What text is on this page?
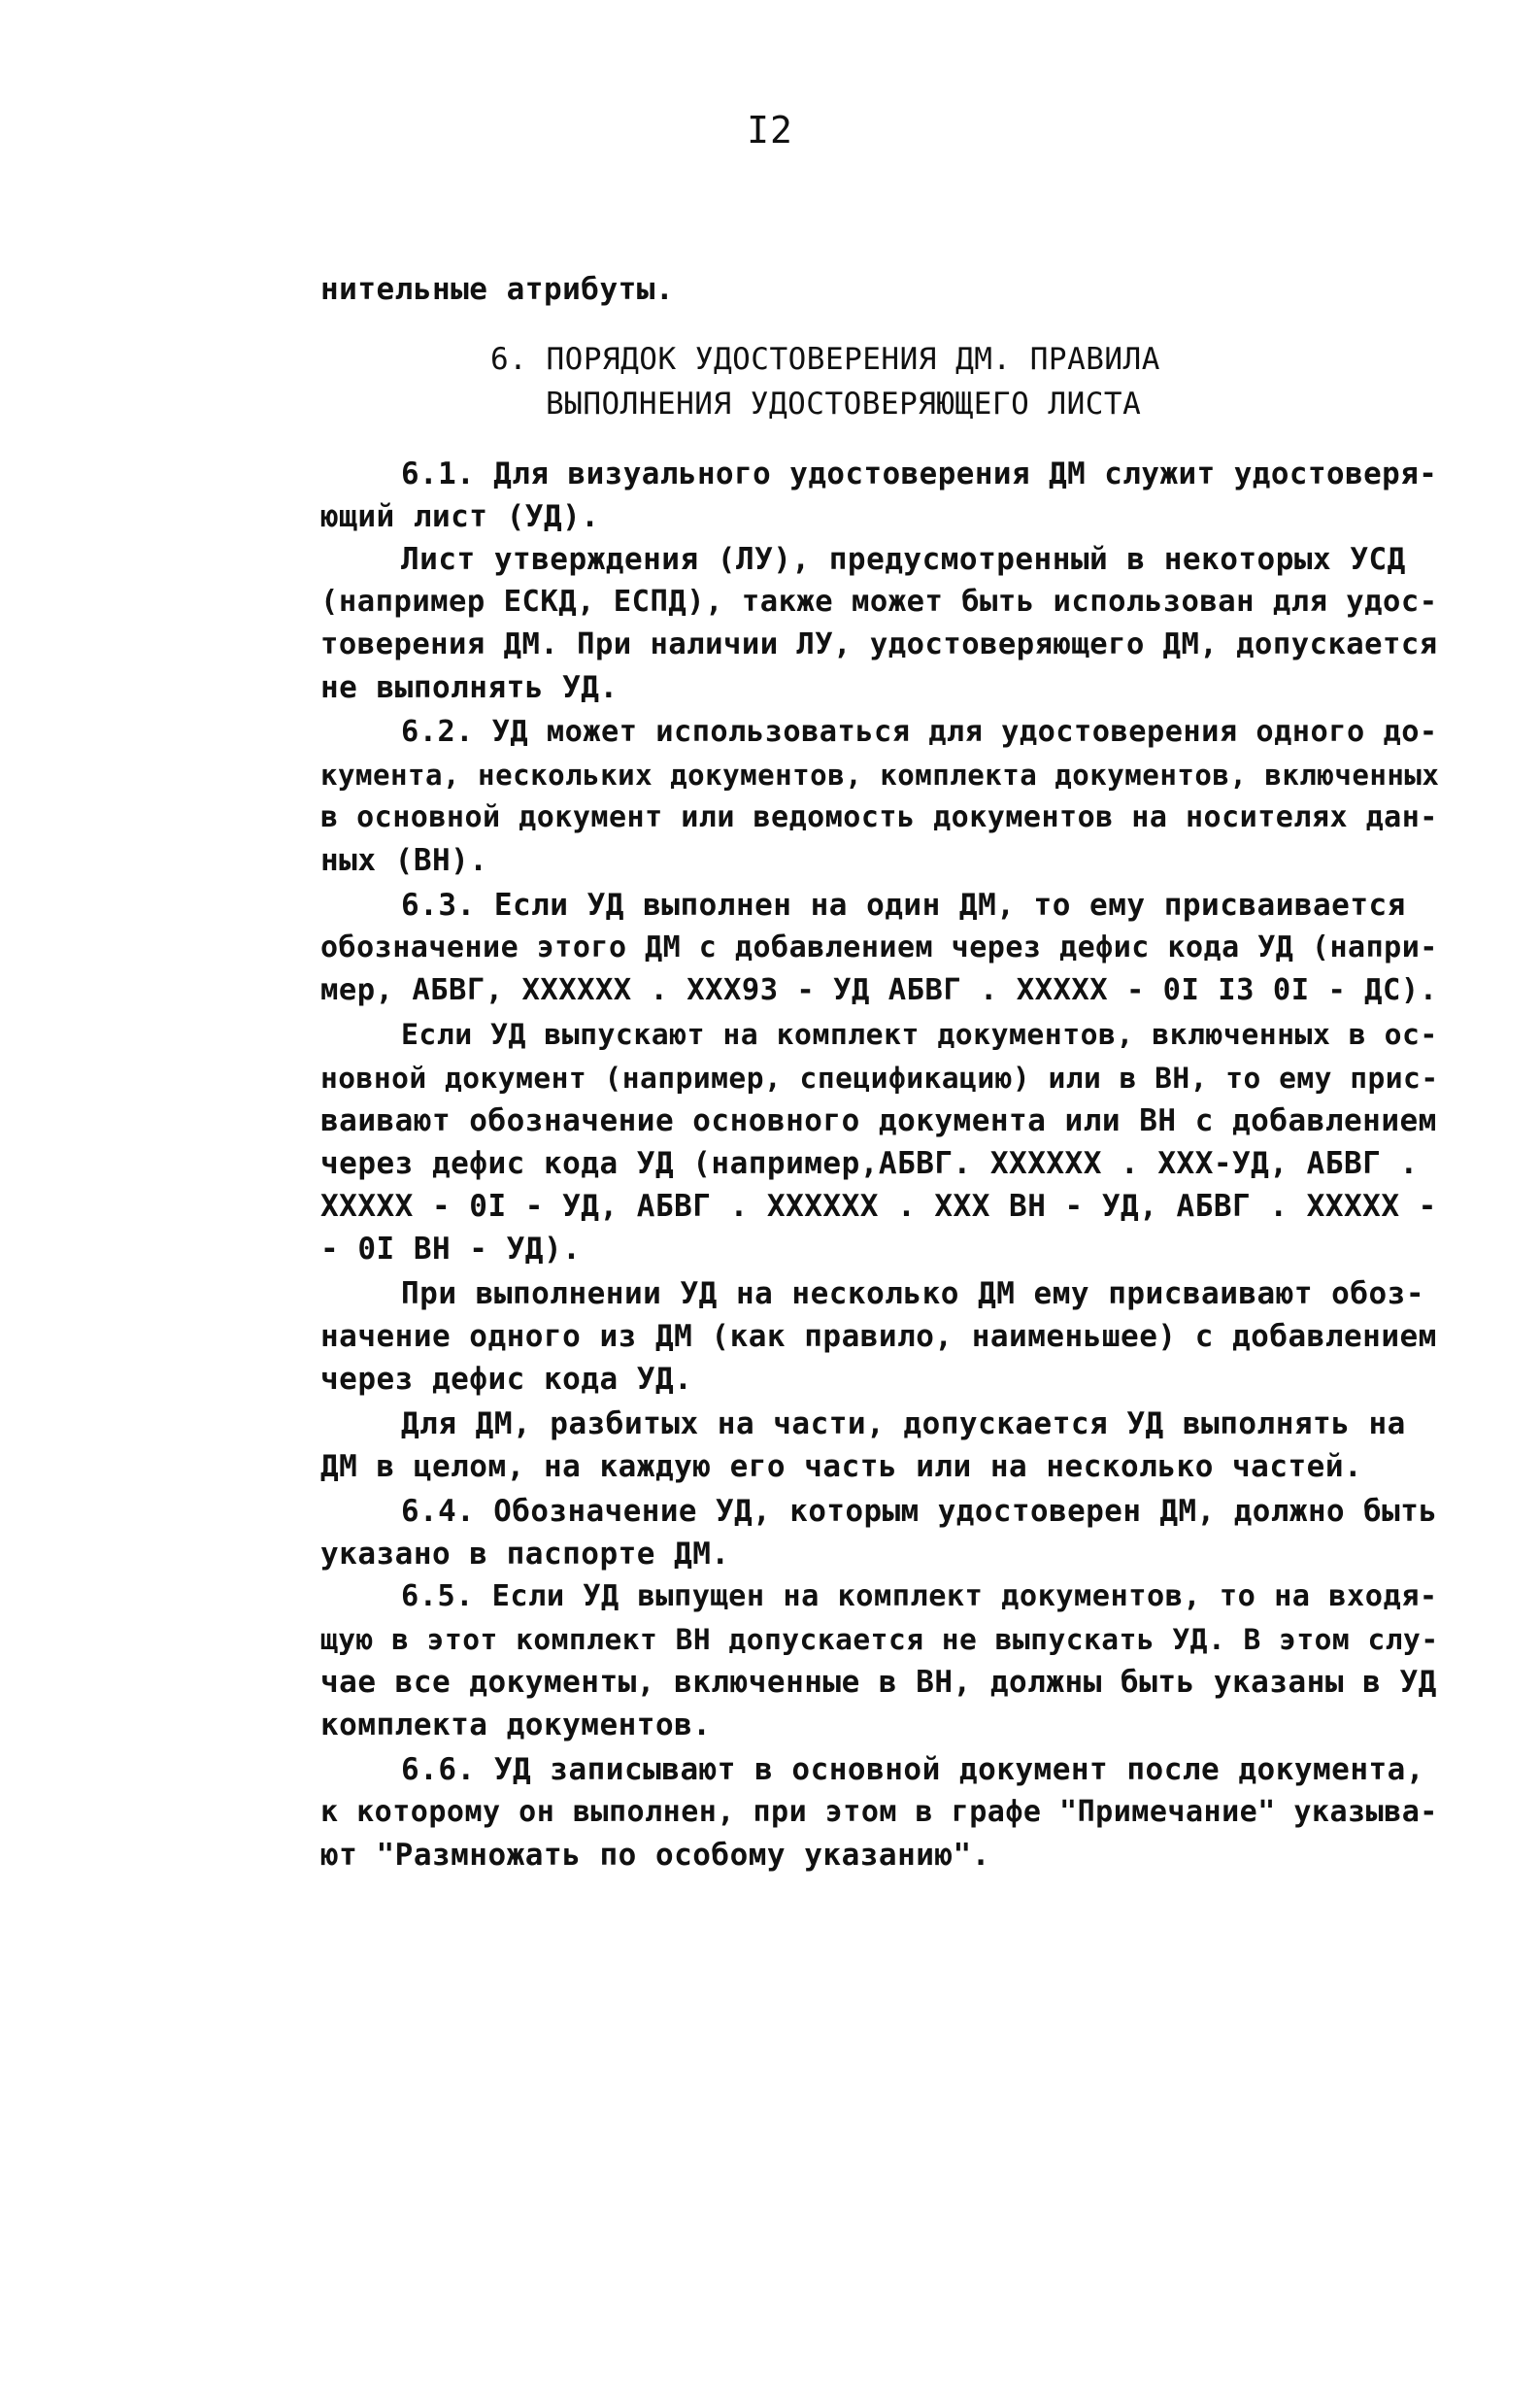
I2
нительные атрибуты.
6. ПОРЯДОК УДОСТОВЕРЕНИЯ ДМ. ПРАВИЛА
ВЫПОЛНЕНИЯ УДОСТОВЕРЯЮЩЕГО ЛИСТА
6.1. Для визуального удостоверения ДМ служит удостоверя-
ющий лист (УД).
Лист утверждения (ЛУ), предусмотренный в некоторых УСД
(например ЕСКД, ЕСПД), также может быть использован для удос-
товерения ДМ. При наличии ЛУ, удостоверяющего ДМ, допускается
не выполнять УД.
6.2. УД может использоваться для удостоверения одного до-
кумента, нескольких документов, комплекта документов, включенных
в основной документ или ведомость документов на носителях дан-
ных (ВН).
6.3. Если УД выполнен на один ДМ, то ему присваивается
обозначение этого ДМ с добавлением через дефис кода УД (напри-
мер, АБВГ, XXXXXX . XXX93 - УД АБВГ . XXXXX - 0I I3 0I - ДС).
Если УД выпускают на комплект документов, включенных в ос-
новной документ (например, спецификацию) или в ВН, то ему прис-
ваивают обозначение основного документа или ВН с добавлением
через дефис кода УД (например,АБВГ. XXXXXX . XXX-УД, АБВГ .
XXXXX - 0I - УД, АБВГ . XXXXXX . XXX ВН - УД, АБВГ . XXXXX -
- 0I ВН - УД).
При выполнении УД на несколько ДМ ему присваивают обоз-
начение одного из ДМ (как правило, наименьшее) с добавлением
через дефис кода УД.
Для ДМ, разбитых на части, допускается УД выполнять на
ДМ в целом, на каждую его часть или на несколько частей.
6.4. Обозначение УД, которым удостоверен ДМ, должно быть
указано в паспорте ДМ.
6.5. Если УД выпущен на комплект документов, то на входя-
щую в этот комплект ВН допускается не выпускать УД. В этом слу-
чае все документы, включенные в ВН, должны быть указаны в УД
комплекта документов.
6.6. УД записывают в основной документ после документа,
к которому он выполнен, при этом в графе "Примечание" указыва-
ют "Размножать по особому указанию".
